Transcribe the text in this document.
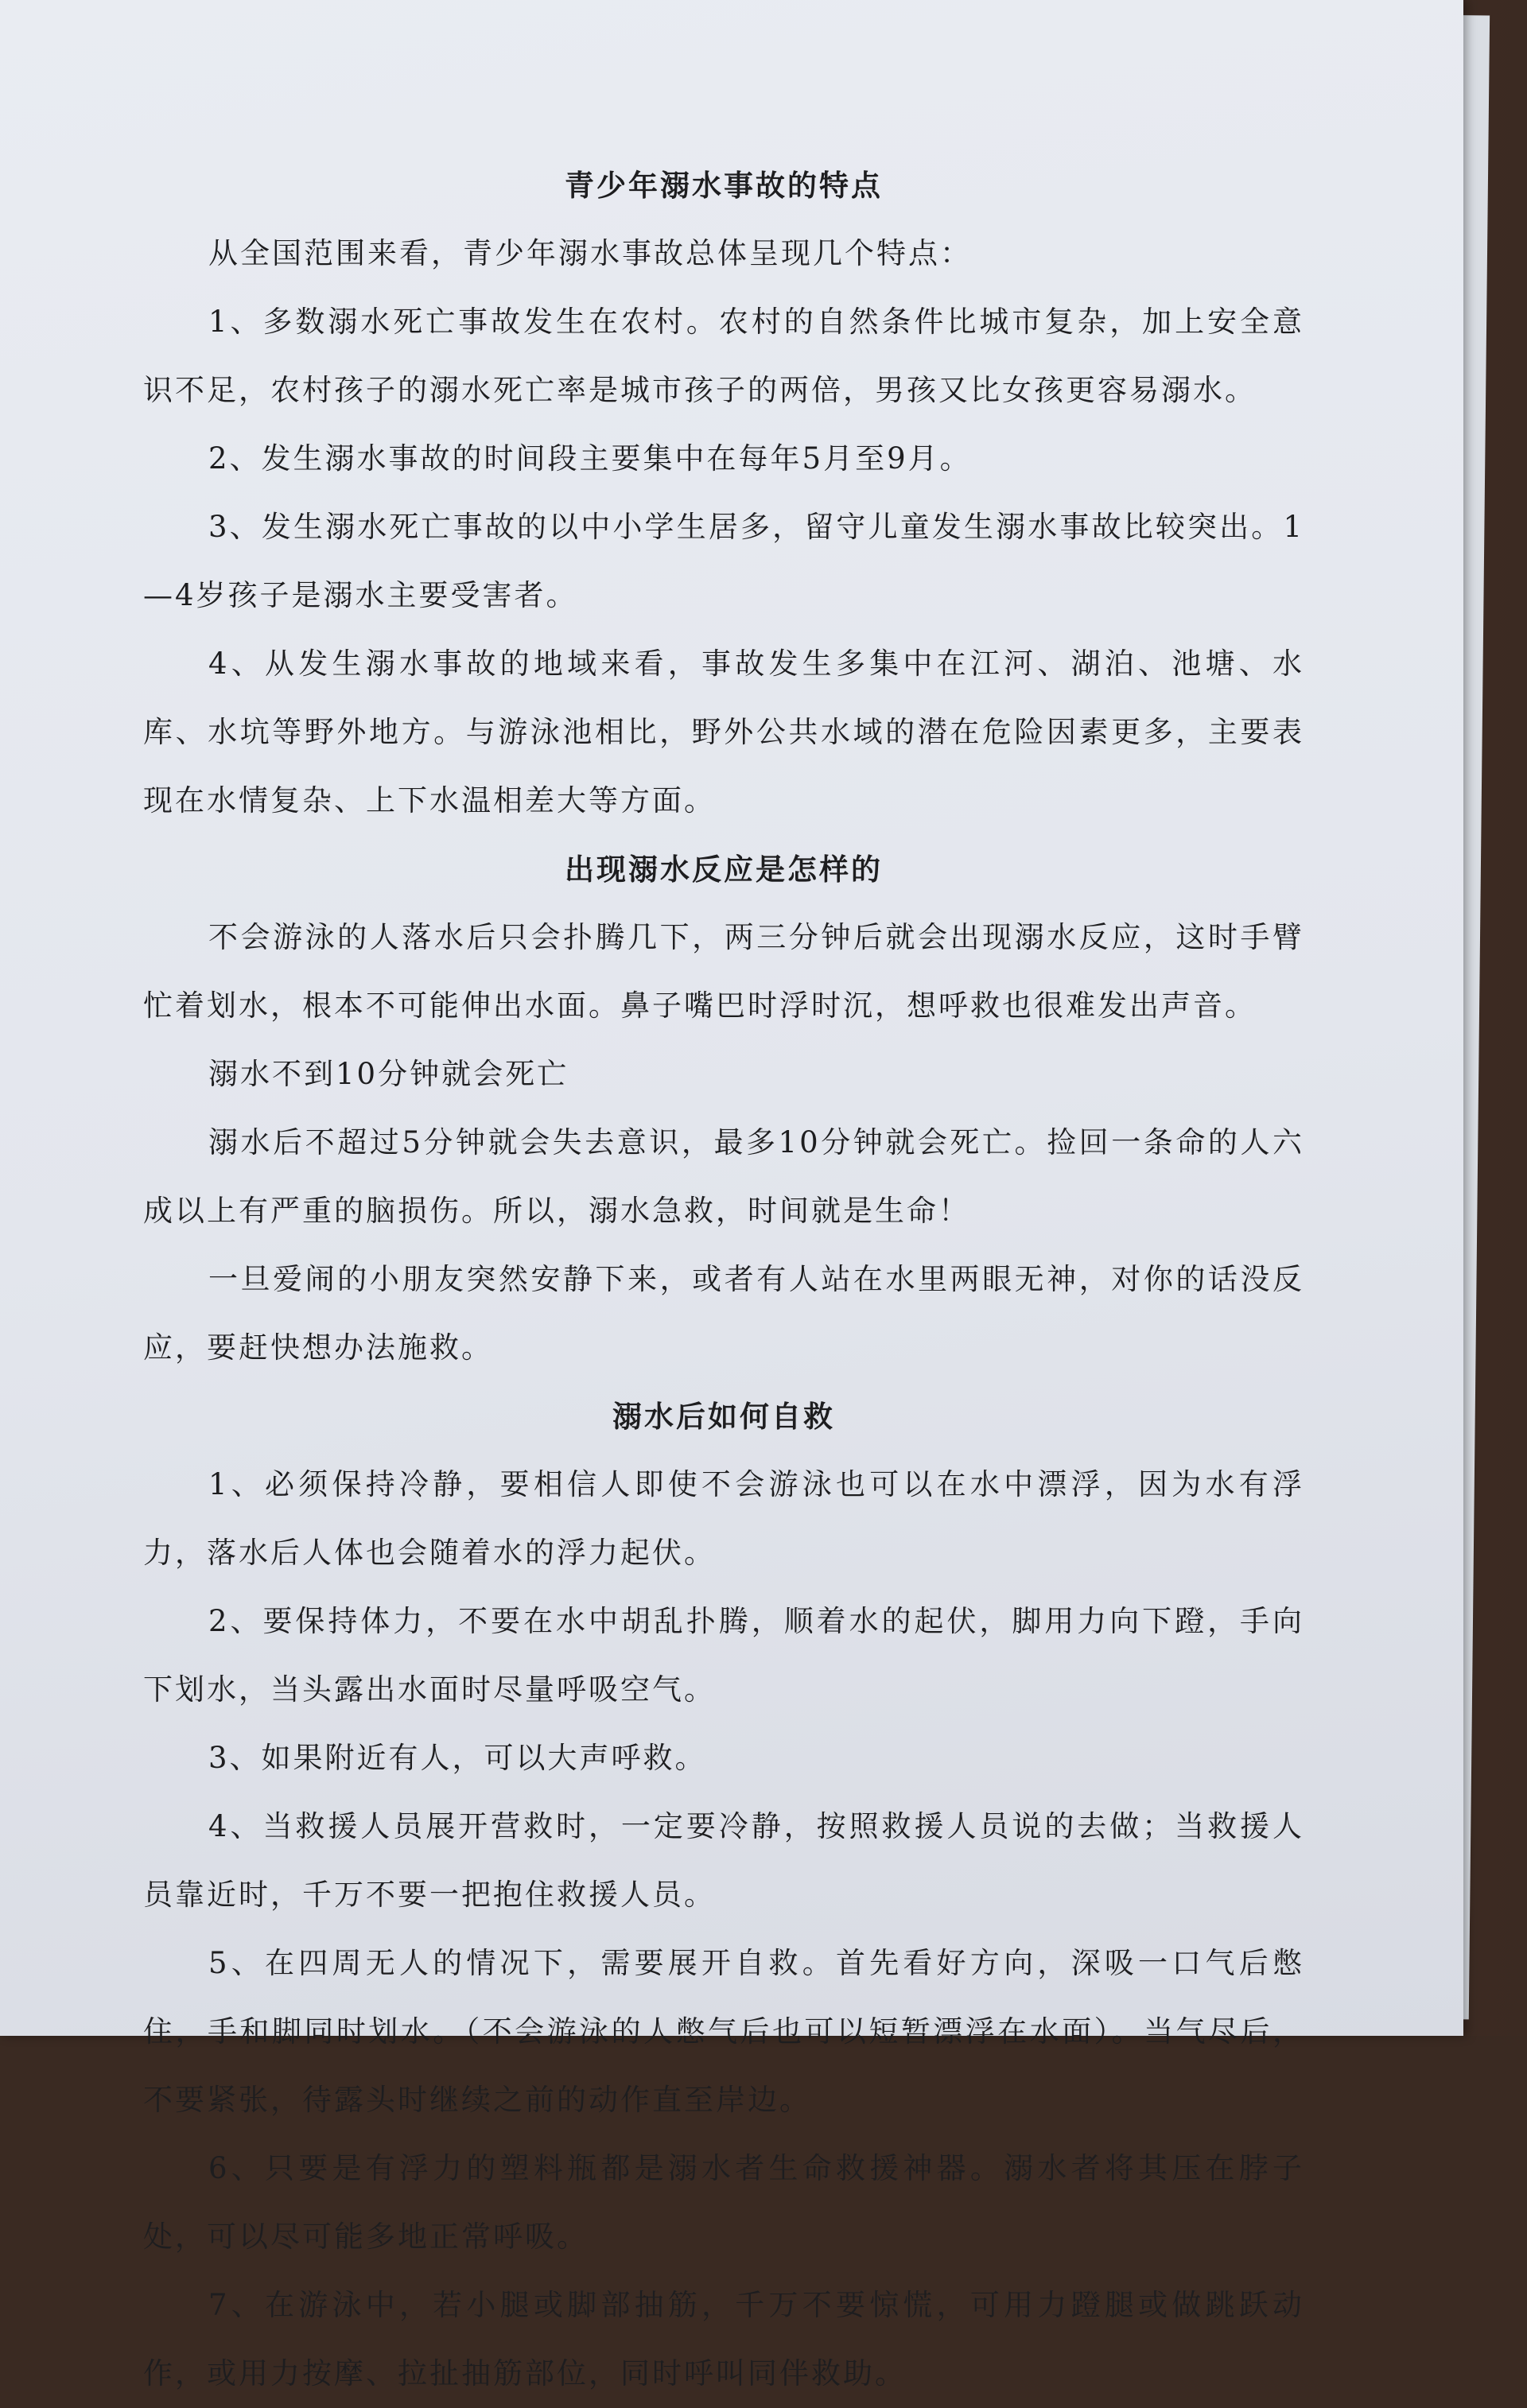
青少年溺水事故的特点

从全国范围来看，青少年溺水事故总体呈现几个特点：

1、多数溺水死亡事故发生在农村。农村的自然条件比城市复杂，加上安全意识不足，农村孩子的溺水死亡率是城市孩子的两倍，男孩又比女孩更容易溺水。

2、发生溺水事故的时间段主要集中在每年5月至9月。

3、发生溺水死亡事故的以中小学生居多，留守儿童发生溺水事故比较突出。1—4岁孩子是溺水主要受害者。

4、从发生溺水事故的地域来看，事故发生多集中在江河、湖泊、池塘、水库、水坑等野外地方。与游泳池相比，野外公共水域的潜在危险因素更多，主要表现在水情复杂、上下水温相差大等方面。

出现溺水反应是怎样的

不会游泳的人落水后只会扑腾几下，两三分钟后就会出现溺水反应，这时手臂忙着划水，根本不可能伸出水面。鼻子嘴巴时浮时沉，想呼救也很难发出声音。

溺水不到10分钟就会死亡

溺水后不超过5分钟就会失去意识，最多10分钟就会死亡。捡回一条命的人六成以上有严重的脑损伤。所以，溺水急救，时间就是生命！

一旦爱闹的小朋友突然安静下来，或者有人站在水里两眼无神，对你的话没反应，要赶快想办法施救。

溺水后如何自救

1、必须保持冷静，要相信人即使不会游泳也可以在水中漂浮，因为水有浮力，落水后人体也会随着水的浮力起伏。

2、要保持体力，不要在水中胡乱扑腾，顺着水的起伏，脚用力向下蹬，手向下划水，当头露出水面时尽量呼吸空气。

3、如果附近有人，可以大声呼救。

4、当救援人员展开营救时，一定要冷静，按照救援人员说的去做；当救援人员靠近时，千万不要一把抱住救援人员。

5、在四周无人的情况下，需要展开自救。首先看好方向，深吸一口气后憋住，手和脚同时划水。（不会游泳的人憋气后也可以短暂漂浮在水面）。当气尽后，不要紧张，待露头时继续之前的动作直至岸边。

6、只要是有浮力的塑料瓶都是溺水者生命救援神器。溺水者将其压在脖子处，可以尽可能多地正常呼吸。

7、在游泳中，若小腿或脚部抽筋，千万不要惊慌，可用力蹬腿或做跳跃动作，或用力按摩、拉扯抽筋部位，同时呼叫同伴救助。
